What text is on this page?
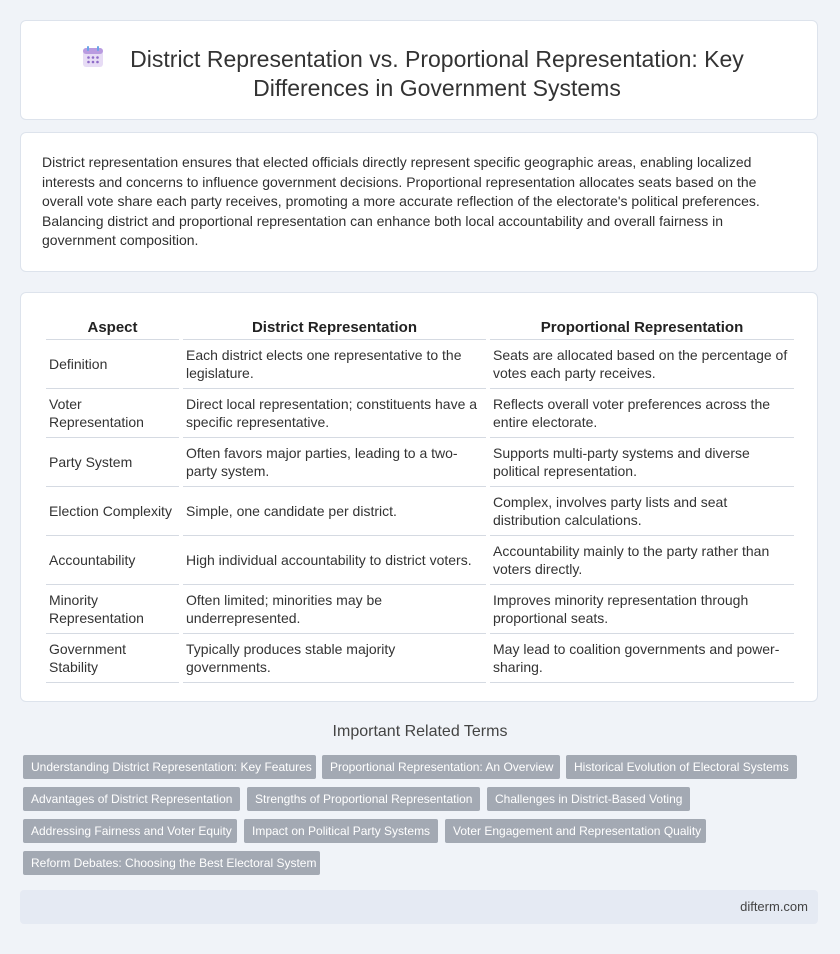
District Representation vs. Proportional Representation: Key Differences in Government Systems

District representation ensures that elected officials directly represent specific geographic areas, enabling localized interests and concerns to influence government decisions. Proportional representation allocates seats based on the overall vote share each party receives, promoting a more accurate reflection of the electorate's political preferences. Balancing district and proportional representation can enhance both local accountability and overall fairness in government composition.

Aspect	District Representation	Proportional Representation
Definition	Each district elects one representative to the legislature.	Seats are allocated based on the percentage of votes each party receives.
Voter Representation	Direct local representation; constituents have a specific representative.	Reflects overall voter preferences across the entire electorate.
Party System	Often favors major parties, leading to a two-party system.	Supports multi-party systems and diverse political representation.
Election Complexity	Simple, one candidate per district.	Complex, involves party lists and seat distribution calculations.
Accountability	High individual accountability to district voters.	Accountability mainly to the party rather than voters directly.
Minority Representation	Often limited; minorities may be underrepresented.	Improves minority representation through proportional seats.
Government Stability	Typically produces stable majority governments.	May lead to coalition governments and power-sharing.
Important Related Terms
Understanding District Representation: Key Features	Proportional Representation: An Overview	Historical Evolution of Electoral Systems
Advantages of District Representation	Strengths of Proportional Representation	Challenges in District-Based Voting
Addressing Fairness and Voter Equity	Impact on Political Party Systems	Voter Engagement and Representation Quality
Reform Debates: Choosing the Best Electoral System
difterm.com
